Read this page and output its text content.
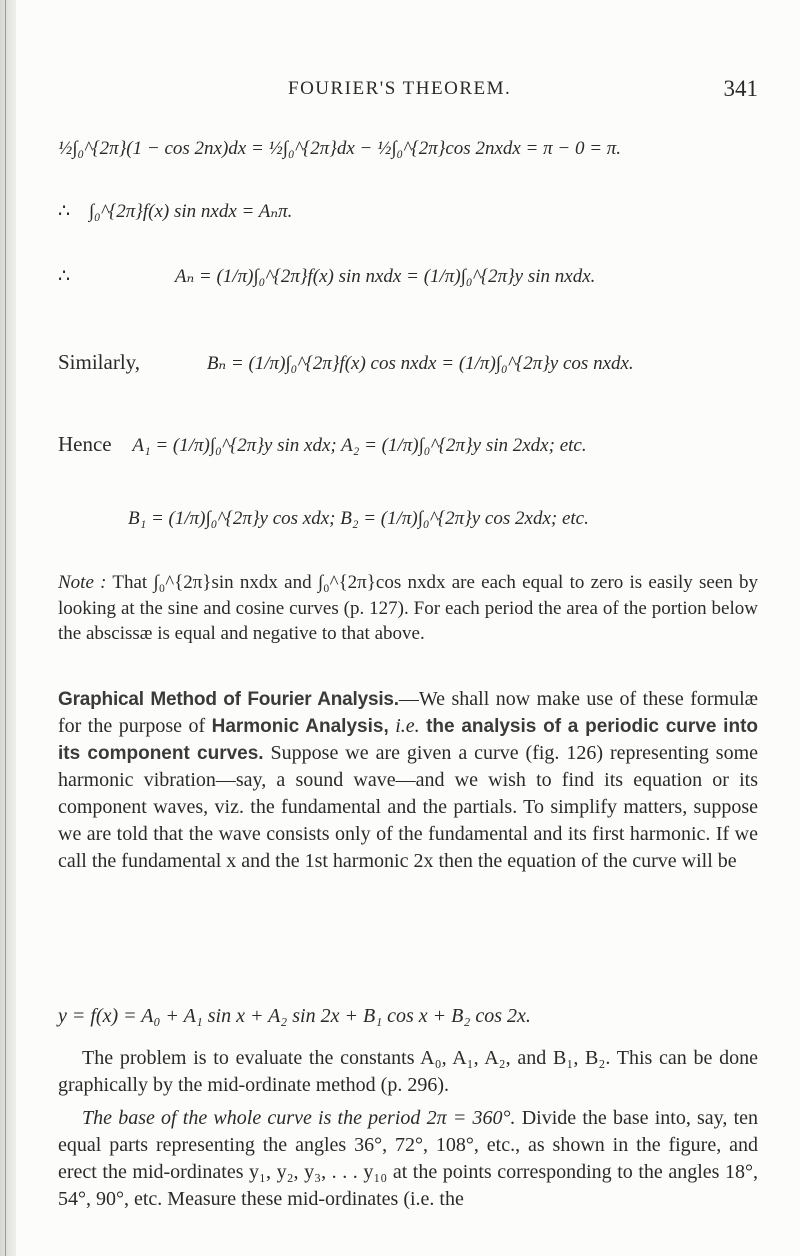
FOURIER'S THEOREM.	341
½∫₀^{2π}(1 − cos 2nx)dx = ½∫₀^{2π}dx − ½∫₀^{2π}cos 2nxdx = π − 0 = π.
∴ ∫₀^{2π}f(x) sin nxdx = Aₙπ.
∴	Aₙ = (1/π)∫₀^{2π}f(x) sin nxdx = (1/π)∫₀^{2π}y sin nxdx.
Similarly,	Bₙ = (1/π)∫₀^{2π}f(x) cos nxdx = (1/π)∫₀^{2π}y cos nxdx.
Hence A₁ = (1/π)∫₀^{2π}y sin xdx; A₂ = (1/π)∫₀^{2π}y sin 2xdx; etc.
B₁ = (1/π)∫₀^{2π}y cos xdx; B₂ = (1/π)∫₀^{2π}y cos 2xdx; etc.

Note : That ∫₀^{2π}sin nxdx and ∫₀^{2π}cos nxdx are each equal to zero is easily seen by looking at the sine and cosine curves (p. 127). For each period the area of the portion below the abscissæ is equal and negative to that above.

Graphical Method of Fourier Analysis.—We shall now make use of these formulæ for the purpose of Harmonic Analysis, i.e. the analysis of a periodic curve into its component curves. Suppose we are given a curve (fig. 126) representing some harmonic vibration—say, a sound wave—and we wish to find its equation or its component waves, viz. the fundamental and the partials. To simplify matters, suppose we are told that the wave consists only of the fundamental and its first harmonic. If we call the fundamental x and the 1st harmonic 2x then the equation of the curve will be

y = f(x) = A₀ + A₁ sin x + A₂ sin 2x + B₁ cos x + B₂ cos 2x.

The problem is to evaluate the constants A₀, A₁, A₂, and B₁, B₂. This can be done graphically by the mid-ordinate method (p. 296).

The base of the whole curve is the period 2π = 360°. Divide the base into, say, ten equal parts representing the angles 36°, 72°, 108°, etc., as shown in the figure, and erect the mid-ordinates y₁, y₂, y₃, . . . y₁₀ at the points corresponding to the angles 18°, 54°, 90°, etc. Measure these mid-ordinates (i.e. the
